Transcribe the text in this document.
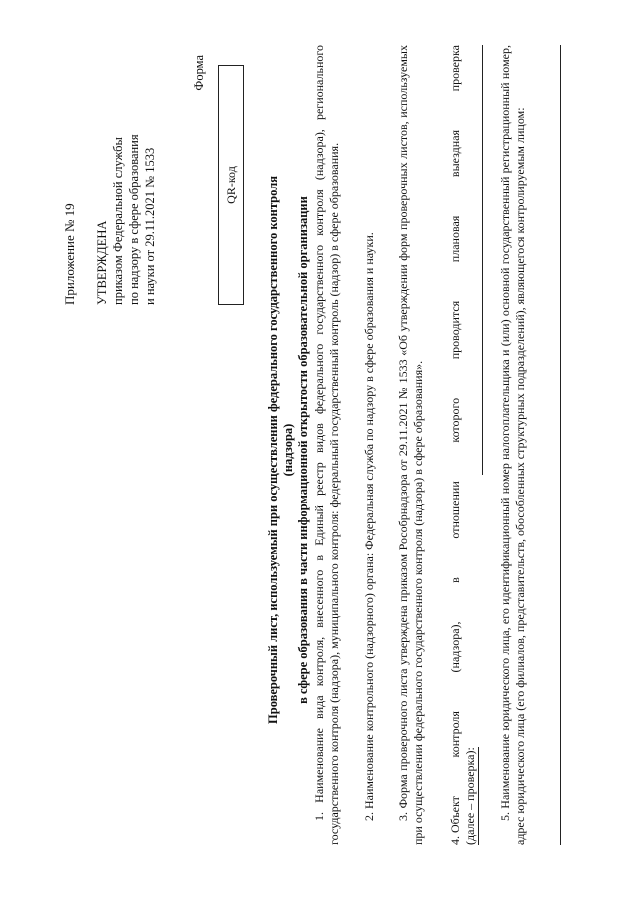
Приложение № 19 УТВЕРЖДЕНА приказом Федеральной службы по надзору в сфере образования и науки от 29.11.2021 № 1533
Форма
QR-код Проверочный лист, используемый при осуществлении федерального государственного контроля (надзора) в сфере образования в части информационной открытости образовательной организации 1. Наименование вида контроля, внесенного в Единый реестр видов федерального государственного контроля (надзора), регионального государственного контроля (надзора), муниципального контроля: федеральный государственный контроль (надзор) в сфере образования. 2. Наименование контрольного (надзорного) органа: Федеральная служба по надзору в сфере образования и науки. 3. Форма проверочного листа утверждена приказом Рособрнадзора от 29.11.2021 № 1533 «Об утверждении форм проверочных листов, используемых при осуществлении федерального государственного контроля (надзора) в сфере образования». 4. Объект
контроля
(надзора),
в
отношении
которого
проводится
плановая
выездная
проверка
(далее – проверка): 5. Наименование юридического лица, его идентификационный номер налогоплательщика и (или) основной государственный регистрационный номер, адрес юридического лица (его филиалов, представительств, обособленных структурных подразделений), являющегося контролируемым лицом:
